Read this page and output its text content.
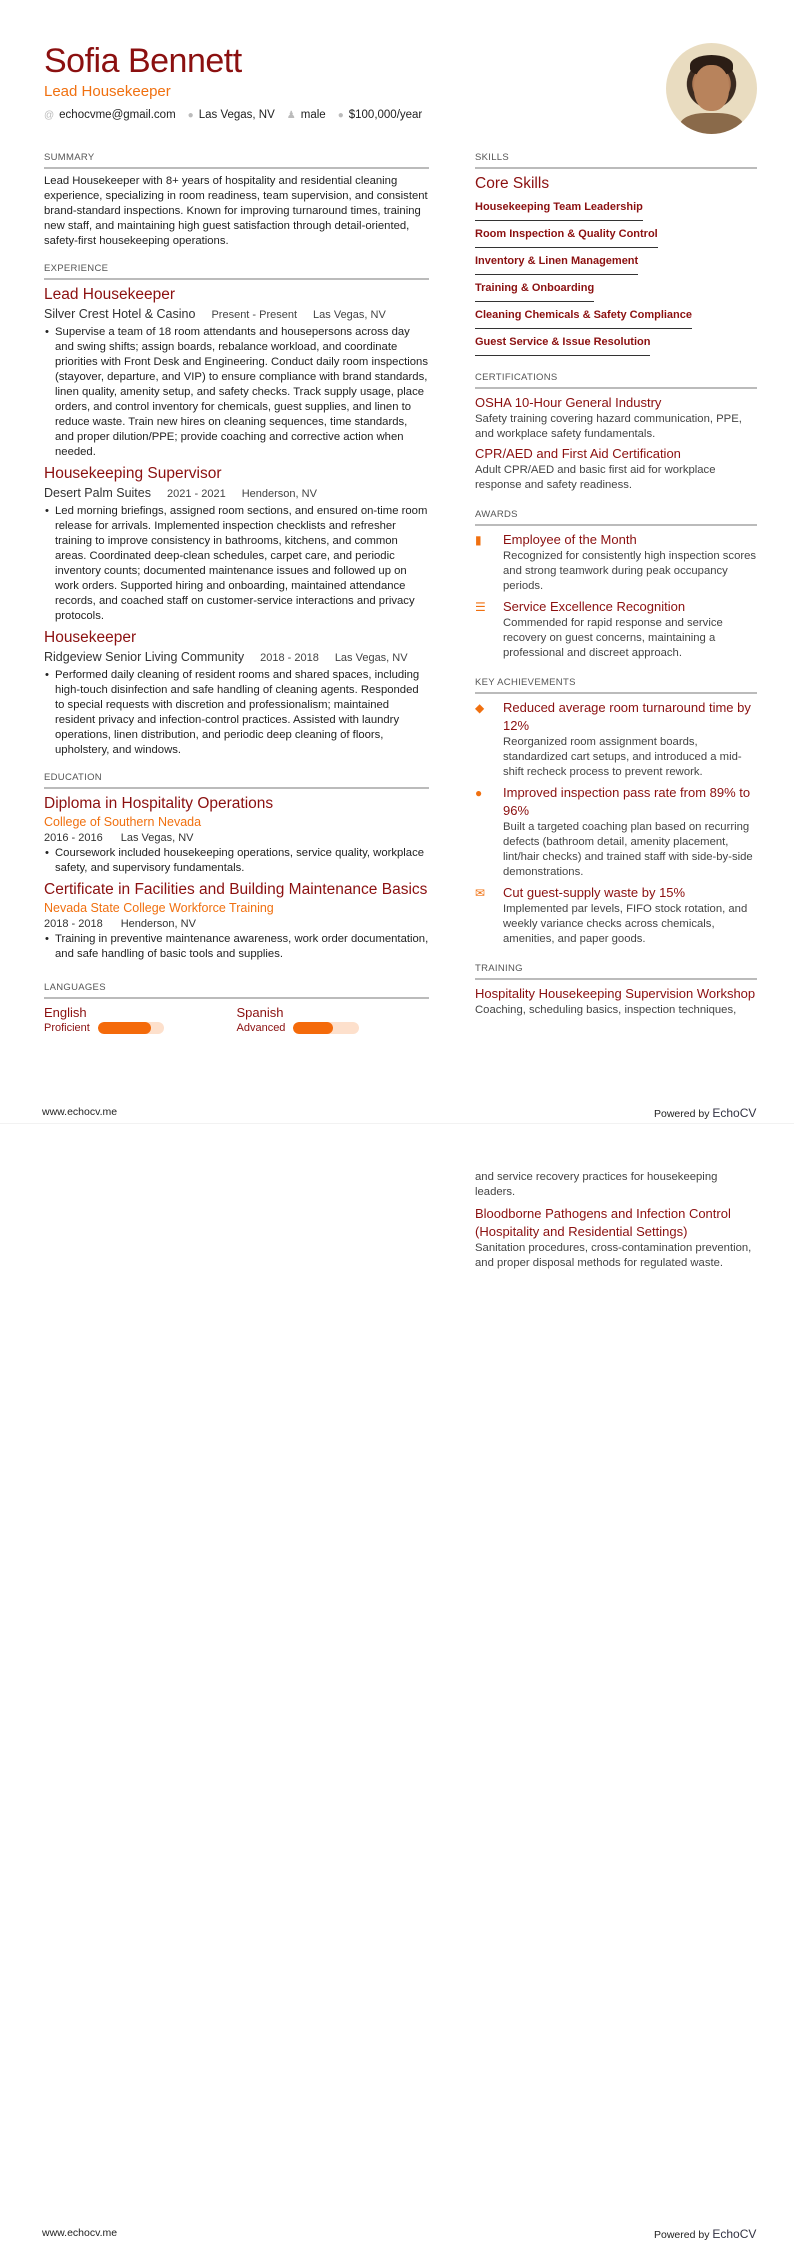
Sofia Bennett
Lead Housekeeper
@ echocvme@gmail.com ● Las Vegas, NV ♟ male ● $100,000/year
SUMMARY
Lead Housekeeper with 8+ years of hospitality and residential cleaning experience, specializing in room readiness, team supervision, and consistent brand-standard inspections. Known for improving turnaround times, training new staff, and maintaining high guest satisfaction through detail-oriented, safety-first housekeeping operations.
EXPERIENCE
Lead Housekeeper
Silver Crest Hotel & Casino Present - Present Las Vegas, NV
• Supervise a team of 18 room attendants and housepersons across day and swing shifts; assign boards, rebalance workload, and coordinate priorities with Front Desk and Engineering. Conduct daily room inspections (stayover, departure, and VIP) to ensure compliance with brand standards, linen quality, amenity setup, and safety checks. Track supply usage, place orders, and control inventory for chemicals, guest supplies, and linen to reduce waste. Train new hires on cleaning sequences, time standards, and proper dilution/PPE; provide coaching and corrective action when needed.
Housekeeping Supervisor
Desert Palm Suites 2021 - 2021 Henderson, NV
• Led morning briefings, assigned room sections, and ensured on-time room release for arrivals. Implemented inspection checklists and refresher training to improve consistency in bathrooms, kitchens, and common areas. Coordinated deep-clean schedules, carpet care, and periodic inventory counts; documented maintenance issues and followed up on work orders. Supported hiring and onboarding, maintained attendance records, and coached staff on customer-service interactions and privacy protocols.
Housekeeper
Ridgeview Senior Living Community 2018 - 2018 Las Vegas, NV
• Performed daily cleaning of resident rooms and shared spaces, including high-touch disinfection and safe handling of cleaning agents. Responded to special requests with discretion and professionalism; maintained resident privacy and infection-control practices. Assisted with laundry operations, linen distribution, and periodic deep cleaning of floors, upholstery, and windows.
EDUCATION
Diploma in Hospitality Operations
College of Southern Nevada
2016 - 2016 Las Vegas, NV
• Coursework included housekeeping operations, service quality, workplace safety, and supervisory fundamentals.
Certificate in Facilities and Building Maintenance Basics
Nevada State College Workforce Training
2018 - 2018 Henderson, NV
• Training in preventive maintenance awareness, work order documentation, and safe handling of basic tools and supplies.
LANGUAGES
English
Proficient
Spanish
Advanced
SKILLS
Core Skills
Housekeeping Team Leadership
Room Inspection & Quality Control
Inventory & Linen Management
Training & Onboarding
Cleaning Chemicals & Safety Compliance
Guest Service & Issue Resolution
CERTIFICATIONS
OSHA 10-Hour General Industry
Safety training covering hazard communication, PPE, and workplace safety fundamentals.
CPR/AED and First Aid Certification
Adult CPR/AED and basic first aid for workplace response and safety readiness.
AWARDS
▮	Employee of the Month
Recognized for consistently high inspection scores and strong teamwork during peak occupancy periods.
☰ Service Excellence Recognition
Commended for rapid response and service recovery on guest concerns, maintaining a professional and discreet approach.
KEY ACHIEVEMENTS
◆	Reduced average room turnaround time by 12%
Reorganized room assignment boards, standardized cart setups, and introduced a mid-shift recheck process to prevent rework.
●	Improved inspection pass rate from 89% to 96%
Built a targeted coaching plan based on recurring defects (bathroom detail, amenity placement, lint/hair checks) and trained staff with side-by-side demonstrations.
✉	Cut guest-supply waste by 15%
Implemented par levels, FIFO stock rotation, and weekly variance checks across chemicals, amenities, and paper goods.
TRAINING
Hospitality Housekeeping Supervision Workshop
Coaching, scheduling basics, inspection techniques,
www.echocv.me	Powered by EchoCV
and service recovery practices for housekeeping leaders.
Bloodborne Pathogens and Infection Control (Hospitality and Residential Settings)
Sanitation procedures, cross-contamination prevention, and proper disposal methods for regulated waste.
www.echocv.me	Powered by EchoCV
